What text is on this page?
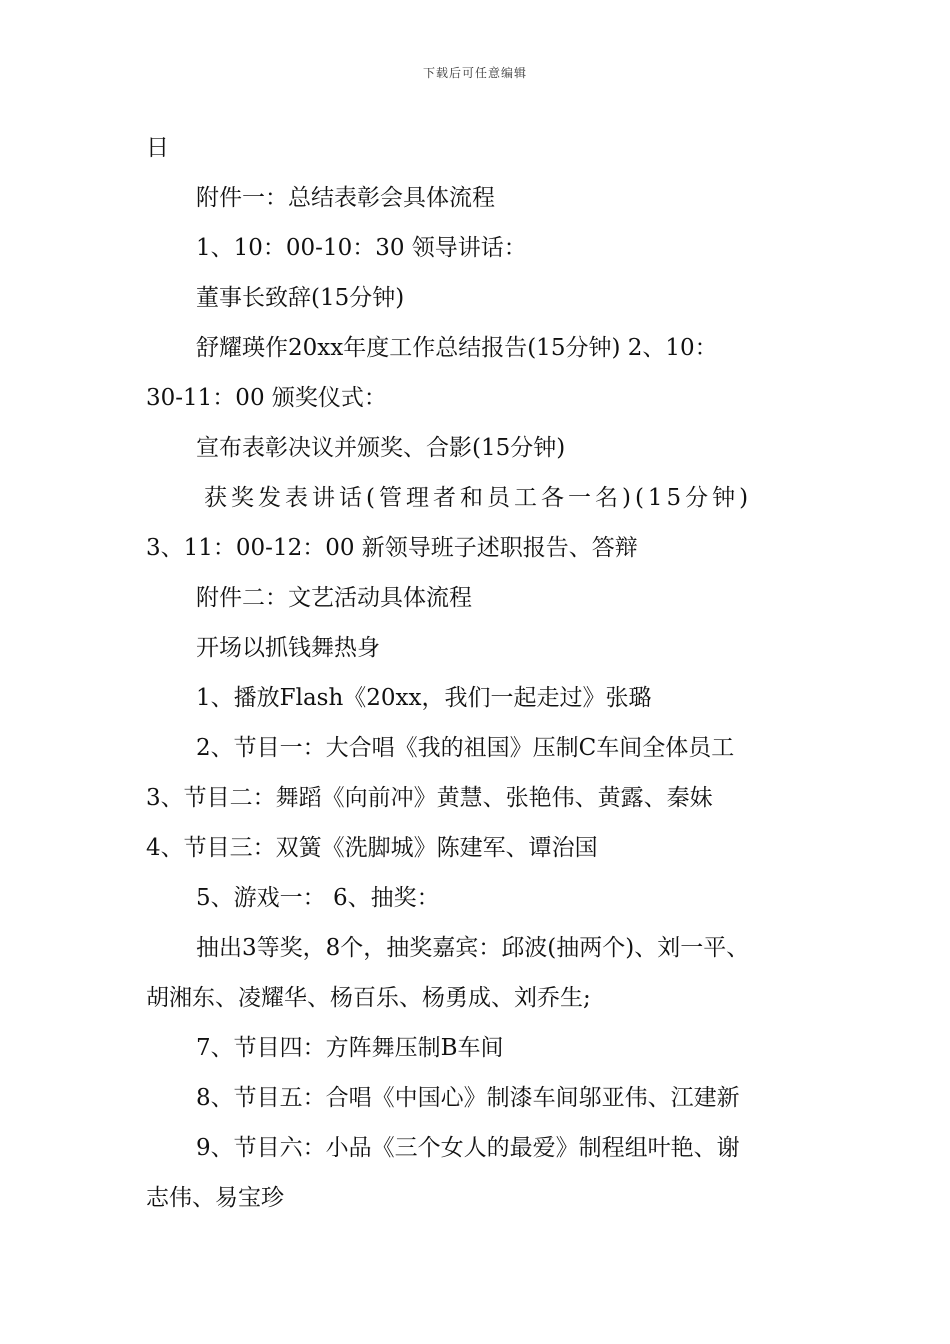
下载后可任意编辑
日
附件一：总结表彰会具体流程
1、10：00-10：30 领导讲话：
董事长致辞(15分钟)
舒耀瑛作20xx年度工作总结报告(15分钟) 2、10：
30-11：00 颁奖仪式：
宣布表彰决议并颁奖、合影(15分钟)
获奖发表讲话(管理者和员工各一名)(15分钟)
3、11：00-12：00 新领导班子述职报告、答辩
附件二：文艺活动具体流程
开场以抓钱舞热身
1、播放Flash《20xx，我们一起走过》张璐
2、节目一：大合唱《我的祖国》压制C车间全体员工
3、节目二：舞蹈《向前冲》黄慧、张艳伟、黄露、秦妹
4、节目三：双簧《洗脚城》陈建军、谭治国
5、游戏一： 6、抽奖：
抽出3等奖，8个，抽奖嘉宾：邱波(抽两个)、刘一平、
胡湘东、凌耀华、杨百乐、杨勇成、刘乔生;
7、节目四：方阵舞压制B车间
8、节目五：合唱《中国心》制漆车间邬亚伟、江建新
9、节目六：小品《三个女人的最爱》制程组叶艳、谢
志伟、易宝珍
